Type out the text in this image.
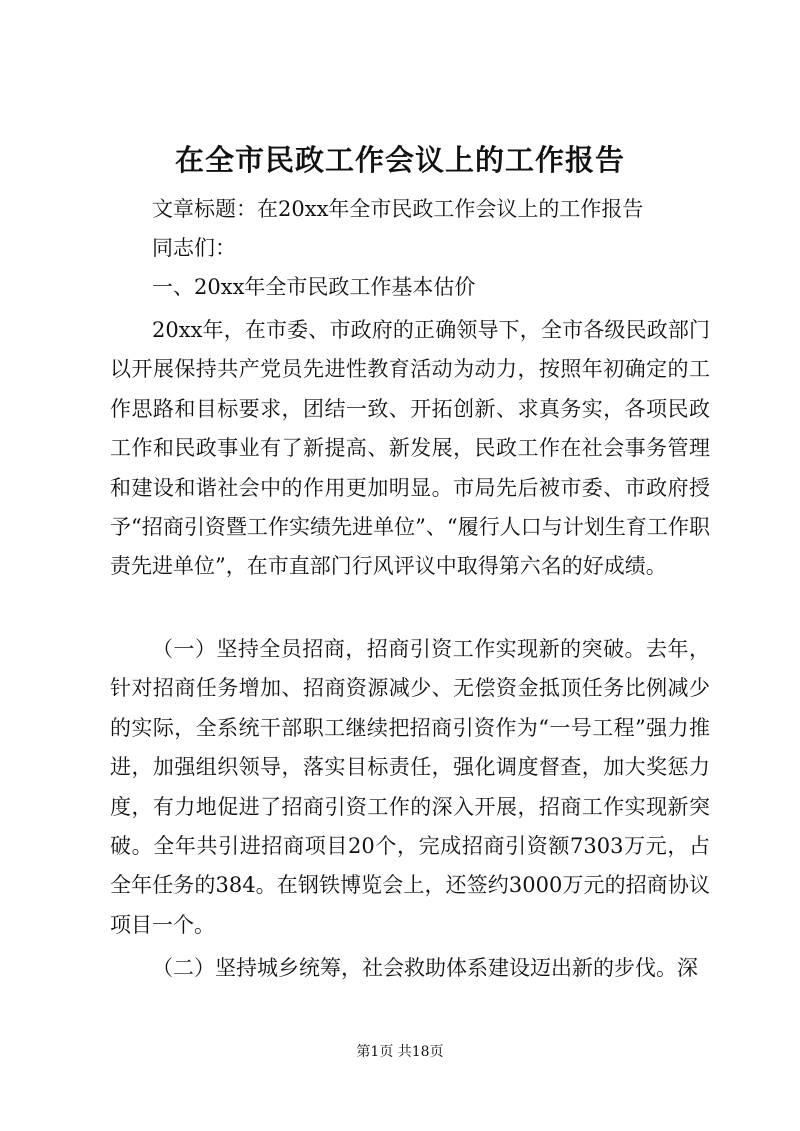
在全市民政工作会议上的工作报告
文章标题：在20xx年全市民政工作会议上的工作报告
同志们：
一、20xx年全市民政工作基本估价
20xx年，在市委、市政府的正确领导下，全市各级民政部门以开展保持共产党员先进性教育活动为动力，按照年初确定的工作思路和目标要求，团结一致、开拓创新、求真务实，各项民政工作和民政事业有了新提高、新发展，民政工作在社会事务管理和建设和谐社会中的作用更加明显。市局先后被市委、市政府授予“招商引资暨工作实绩先进单位”、“履行人口与计划生育工作职责先进单位”，在市直部门行风评议中取得第六名的好成绩。
（一）坚持全员招商，招商引资工作实现新的突破。去年，针对招商任务增加、招商资源减少、无偿资金抵顶任务比例减少的实际，全系统干部职工继续把招商引资作为“一号工程”强力推进，加强组织领导，落实目标责任，强化调度督查，加大奖惩力度，有力地促进了招商引资工作的深入开展，招商工作实现新突破。全年共引进招商项目20个，完成招商引资额7303万元，占全年任务的384。在钢铁博览会上，还签约3000万元的招商协议项目一个。
（二）坚持城乡统筹，社会救助体系建设迈出新的步伐。深
第1页 共18页
